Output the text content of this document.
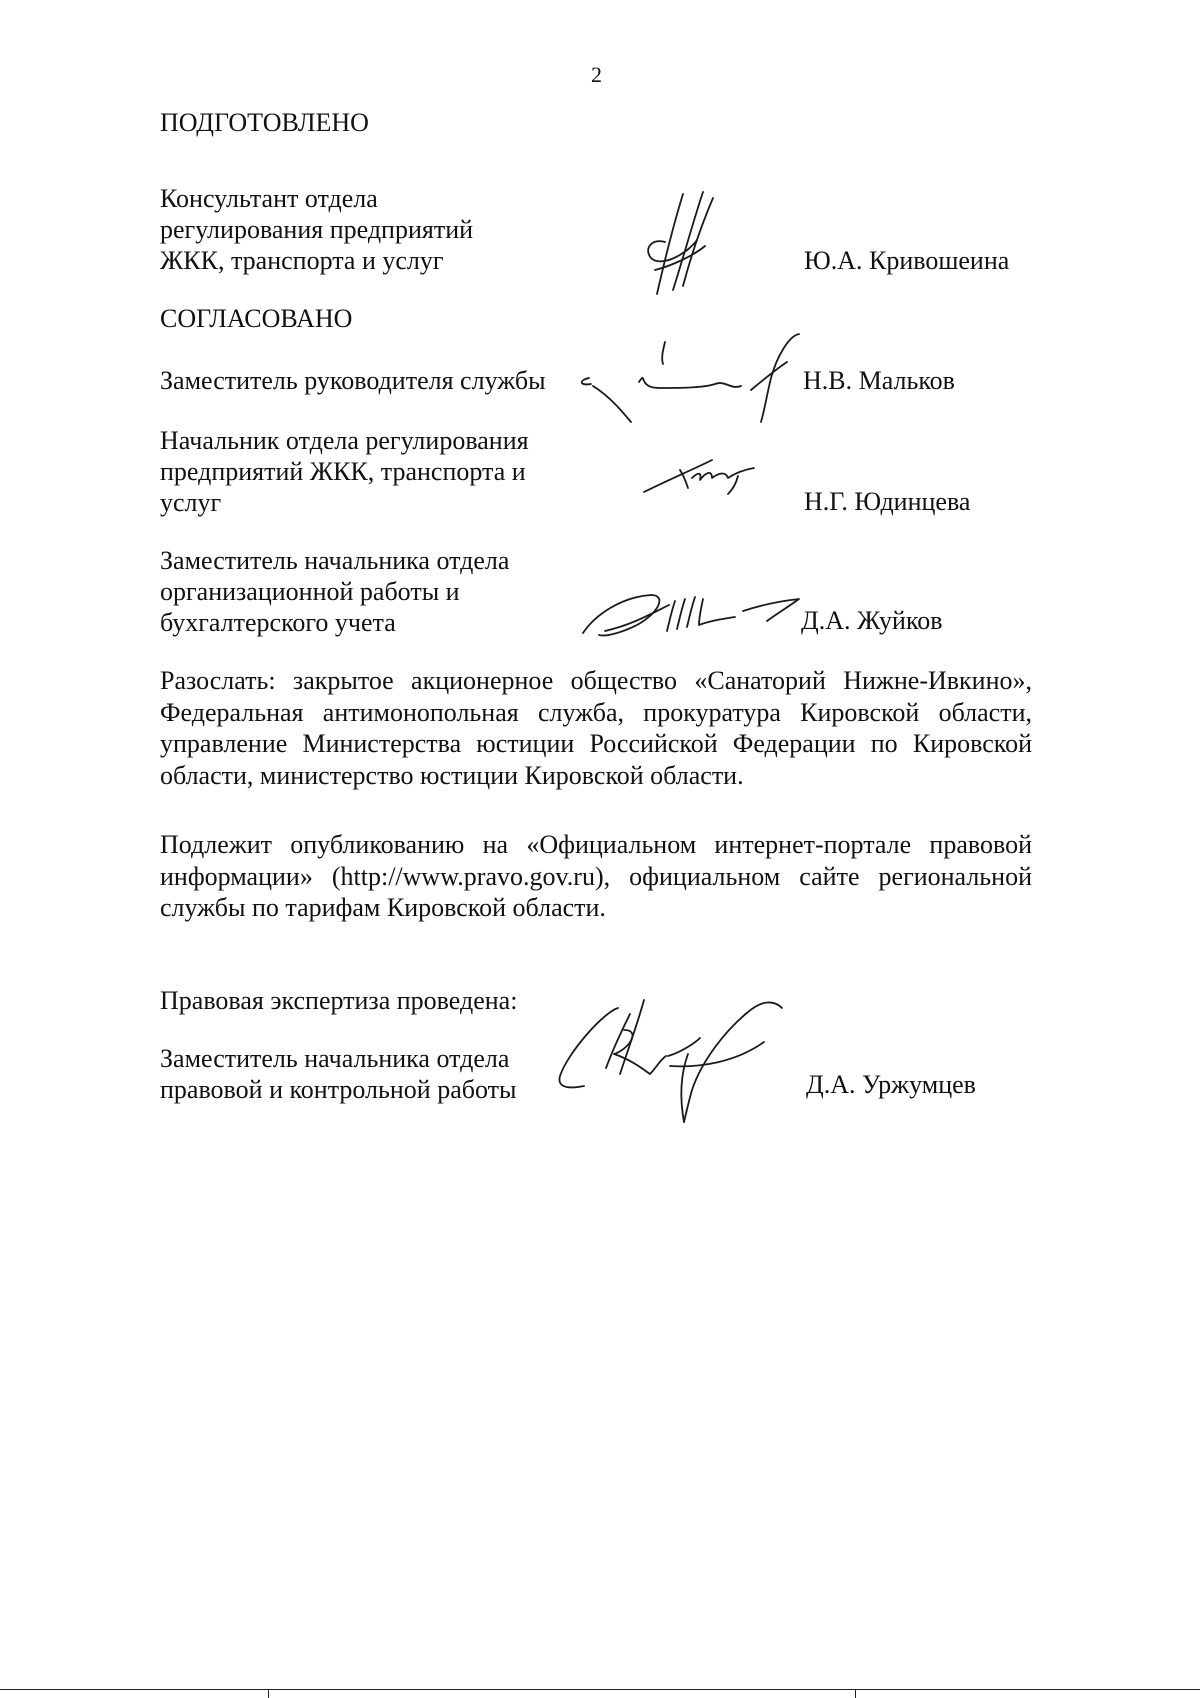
2
ПОДГОТОВЛЕНО
Консультант отдела
регулирования предприятий
ЖКК, транспорта и услуг	Ю.А. Кривошеина
СОГЛАСОВАНО
Заместитель руководителя службы	Н.В. Мальков
Начальник отдела регулирования
предприятий ЖКК, транспорта и
услуг	Н.Г. Юдинцева
Заместитель начальника отдела
организационной работы и
бухгалтерского учета	Д.А. Жуйков
Разослать: закрытое акционерное общество «Санаторий Нижне-Ивкино»,
Федеральная антимонопольная служба, прокуратура Кировской области,
управление Министерства юстиции Российской Федерации по Кировской
области, министерство юстиции Кировской области.
Подлежит опубликованию на «Официальном интернет-портале правовой
информации» (http://www.pravo.gov.ru), официальном сайте региональной
службы по тарифам Кировской области.
Правовая экспертиза проведена:
Заместитель начальника отдела
правовой и контрольной работы	Д.А. Уржумцев
